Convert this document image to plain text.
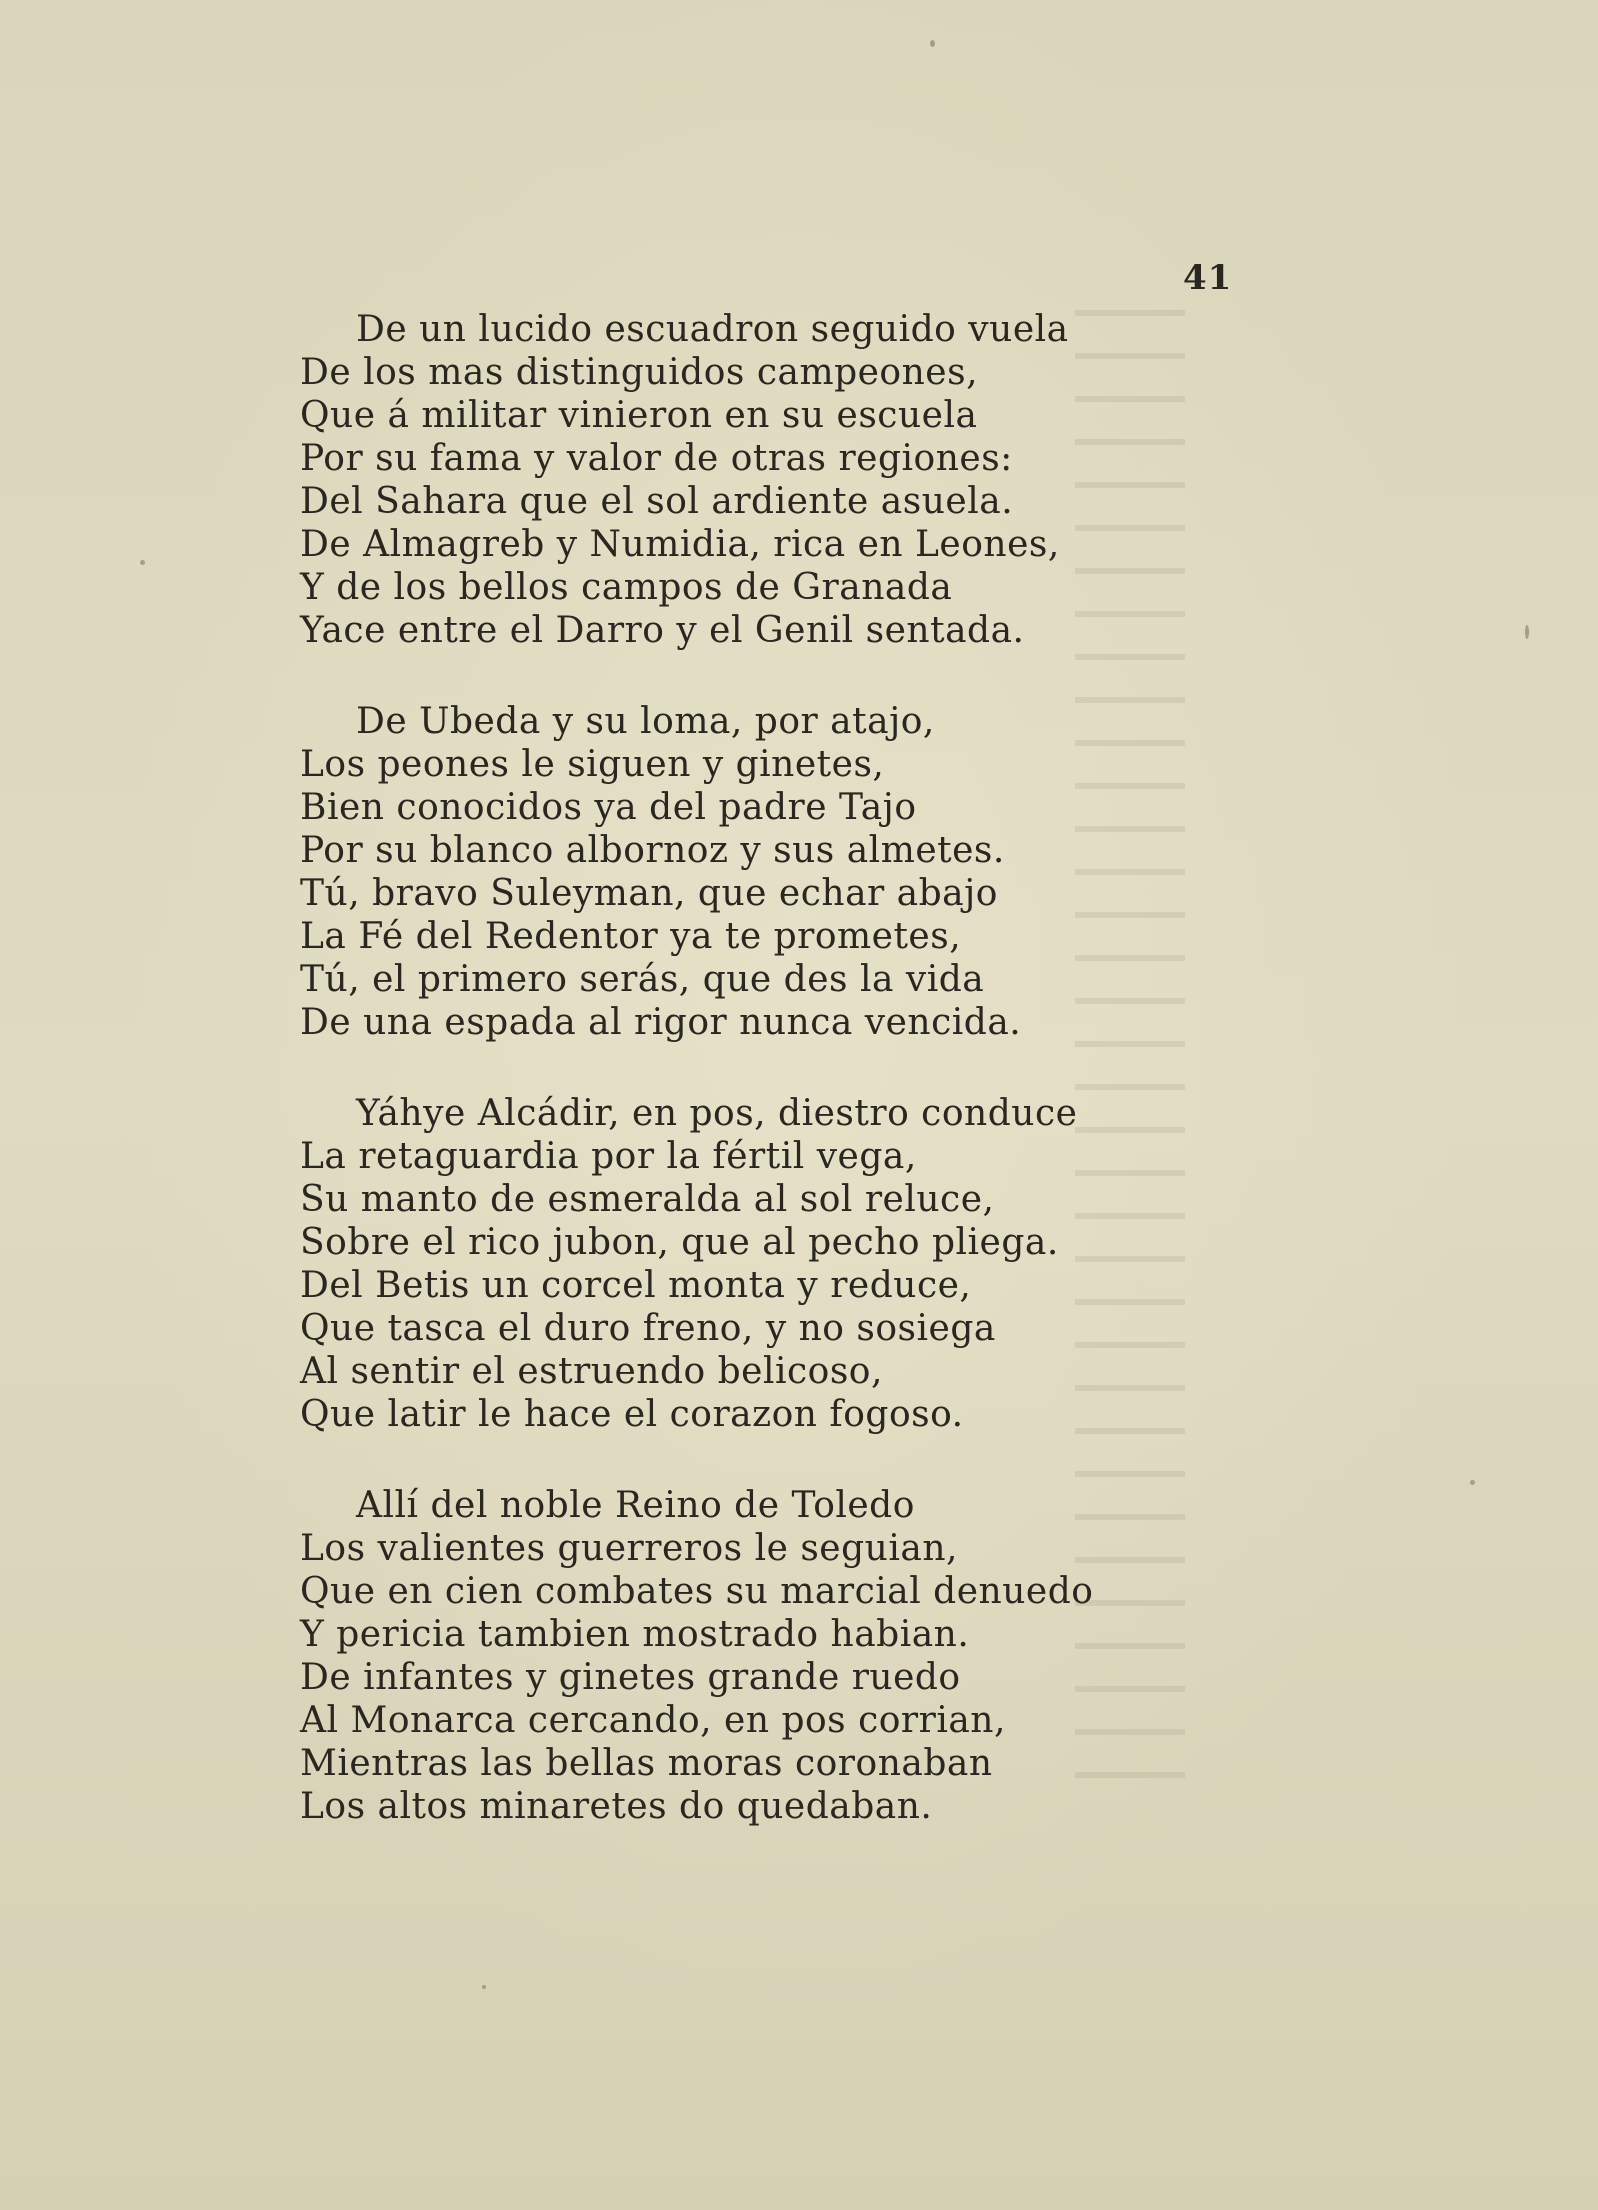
41
De un lucido escuadron seguido vuela
De los mas distinguidos campeones,
Que á militar vinieron en su escuela
Por su fama y valor de otras regiones:
Del Sahara que el sol ardiente asuela.
De Almagreb y Numidia, rica en Leones,
Y de los bellos campos de Granada
Yace entre el Darro y el Genil sentada.
De Ubeda y su loma, por atajo,
Los peones le siguen y ginetes,
Bien conocidos ya del padre Tajo
Por su blanco albornoz y sus almetes.
Tú, bravo Suleyman, que echar abajo
La Fé del Redentor ya te prometes,
Tú, el primero serás, que des la vida
De una espada al rigor nunca vencida.
Yáhye Alcádir, en pos, diestro conduce
La retaguardia por la fértil vega,
Su manto de esmeralda al sol reluce,
Sobre el rico jubon, que al pecho pliega.
Del Betis un corcel monta y reduce,
Que tasca el duro freno, y no sosiega
Al sentir el estruendo belicoso,
Que latir le hace el corazon fogoso.
Allí del noble Reino de Toledo
Los valientes guerreros le seguian,
Que en cien combates su marcial denuedo
Y pericia tambien mostrado habian.
De infantes y ginetes grande ruedo
Al Monarca cercando, en pos corrian,
Mientras las bellas moras coronaban
Los altos minaretes do quedaban.
